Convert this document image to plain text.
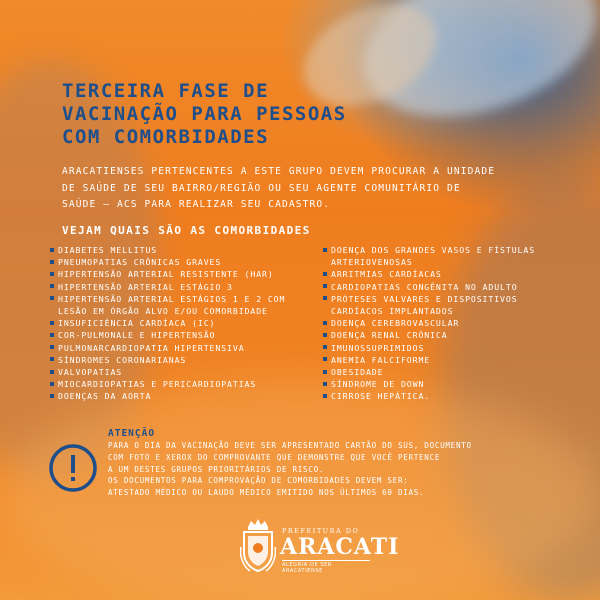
TERCEIRA FASE DE
VACINAÇÃO PARA PESSOAS
COM COMORBIDADES

ARACATIENSES PERTENCENTES A ESTE GRUPO DEVEM PROCURAR A UNIDADE
DE SAÚDE DE SEU BAIRRO/REGIÃO OU SEU AGENTE COMUNITÁRIO DE
SAÚDE – ACS PARA REALIZAR SEU CADASTRO.

VEJAM QUAIS SÃO AS COMORBIDADES
DIABETES MELLITUS
PNEUMOPATIAS CRÔNICAS GRAVES
HIPERTENSÃO ARTERIAL RESISTENTE (HAR)
HIPERTENSÃO ARTERIAL ESTÁGIO 3
HIPERTENSÃO ARTERIAL ESTÁGIOS 1 E 2 COM
LESÃO EM ÓRGÃO ALVO E/OU COMORBIDADE
INSUFICIÊNCIA CARDÍACA (IC)
COR-PULMONALE E HIPERTENSÃO
PULMONARCARDIOPATIA HIPERTENSIVA
SÍNDROMES CORONARIANAS
VALVOPATIAS
MIOCARDIOPATIAS E PERICARDIOPATIAS
DOENÇAS DA AORTA
DOENÇA DOS GRANDES VASOS E FÍSTULAS
ARTERIOVENOSAS
ARRITMIAS CARDÍACAS
CARDIOPATIAS CONGÊNITA NO ADULTO
PRÓTESES VALVARES E DISPOSITIVOS
CARDÍACOS IMPLANTADOS
DOENÇA CEREBROVASCULAR
DOENÇA RENAL CRÔNICA
IMUNOSSUPRIMIDOS
ANEMIA FALCIFORME
OBESIDADE
SÍNDROME DE DOWN
CIRROSE HEPÁTICA.
ATENÇÃO
PARA O DIA DA VACINAÇÃO DEVE SER APRESENTADO CARTÃO DO SUS, DOCUMENTO
COM FOTO E XEROX DO COMPROVANTE QUE DEMONSTRE QUE VOCÊ PERTENCE
A UM DESTES GRUPOS PRIORITÁRIOS DE RISCO.
OS DOCUMENTOS PARA COMPROVAÇÃO DE COMORBIDADES DEVEM SER:
ATESTADO MÉDICO OU LAUDO MÉDICO EMITIDO NOS ÚLTIMOS 60 DIAS.
PREFEITURA DO
ARACATI
ALEGRIA DE SER ARACATIENSE
